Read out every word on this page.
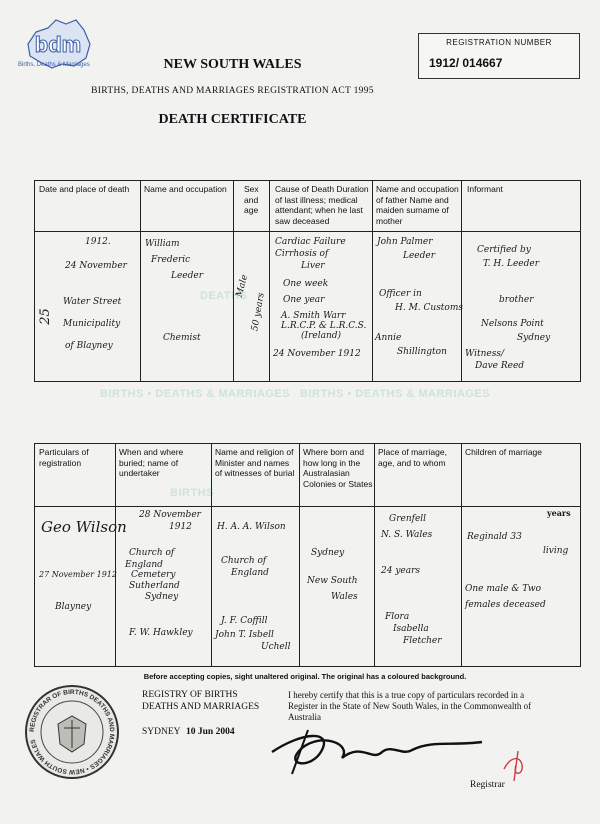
bdm
Births, Deaths & Marriages
REGISTRATION NUMBER
1912/ 014667
NEW SOUTH WALES
BIRTHS, DEATHS AND MARRIAGES REGISTRATION ACT 1995
DEATH CERTIFICATE
DEATHS
BIRTHS • DEATHS & MARRIAGES BIRTHS • DEATHS & MARRIAGES
BIRTHS
Date and place of death	Name and occupation	Sex and age
Cause of Death Duration of last illness; medical attendant; when he last saw deceased
Name and occupation of father Name and maiden surname of mother
Informant
25
1912.
24 November
Water Street
Municipality
of Blayney
William
Frederic
Leeder
Chemist
Male
50 years
Cardiac Failure
Cirrhosis of
Liver
One week
One year
A. Smith Warr
L.R.C.P. & L.R.C.S.
(Ireland)
24 November 1912
John Palmer
Leeder
Officer in
H. M. Customs
Annie
Shillington
Certified by
T. H. Leeder
brother
Nelsons Point
Sydney
Witness/
Dave Reed
Particulars of registration
When and where buried; name of undertaker
Name and religion of Minister and names of witnesses of burial
Where born and how long in the Australasian Colonies or States
Place of marriage, age, and to whom
Children of marriage
Geo Wilson
27 November 1912
Blayney
28 November
1912
Church of
England
Cemetery
Sutherland
Sydney
F. W. Hawkley
H. A. A. Wilson
Church of
England
J. F. Coffill
John T. Isbell
Uchell
Sydney
New South
Wales
Grenfell
N. S. Wales
24 years
Flora
Isabella
Fletcher
years
Reginald 33
living
One male & Two
females deceased
Before accepting copies, sight unaltered original. The original has a coloured background.
REGISTRAR OF BIRTHS DEATHS AND MARRIAGES • NEW SOUTH WALES
REGISTRY OF BIRTHS
DEATHS AND MARRIAGES
SYDNEY 10 Jun 2004
I hereby certify that this is a true copy of particulars recorded in a Register in the State of New South Wales, in the Commonwealth of Australia
Registrar
